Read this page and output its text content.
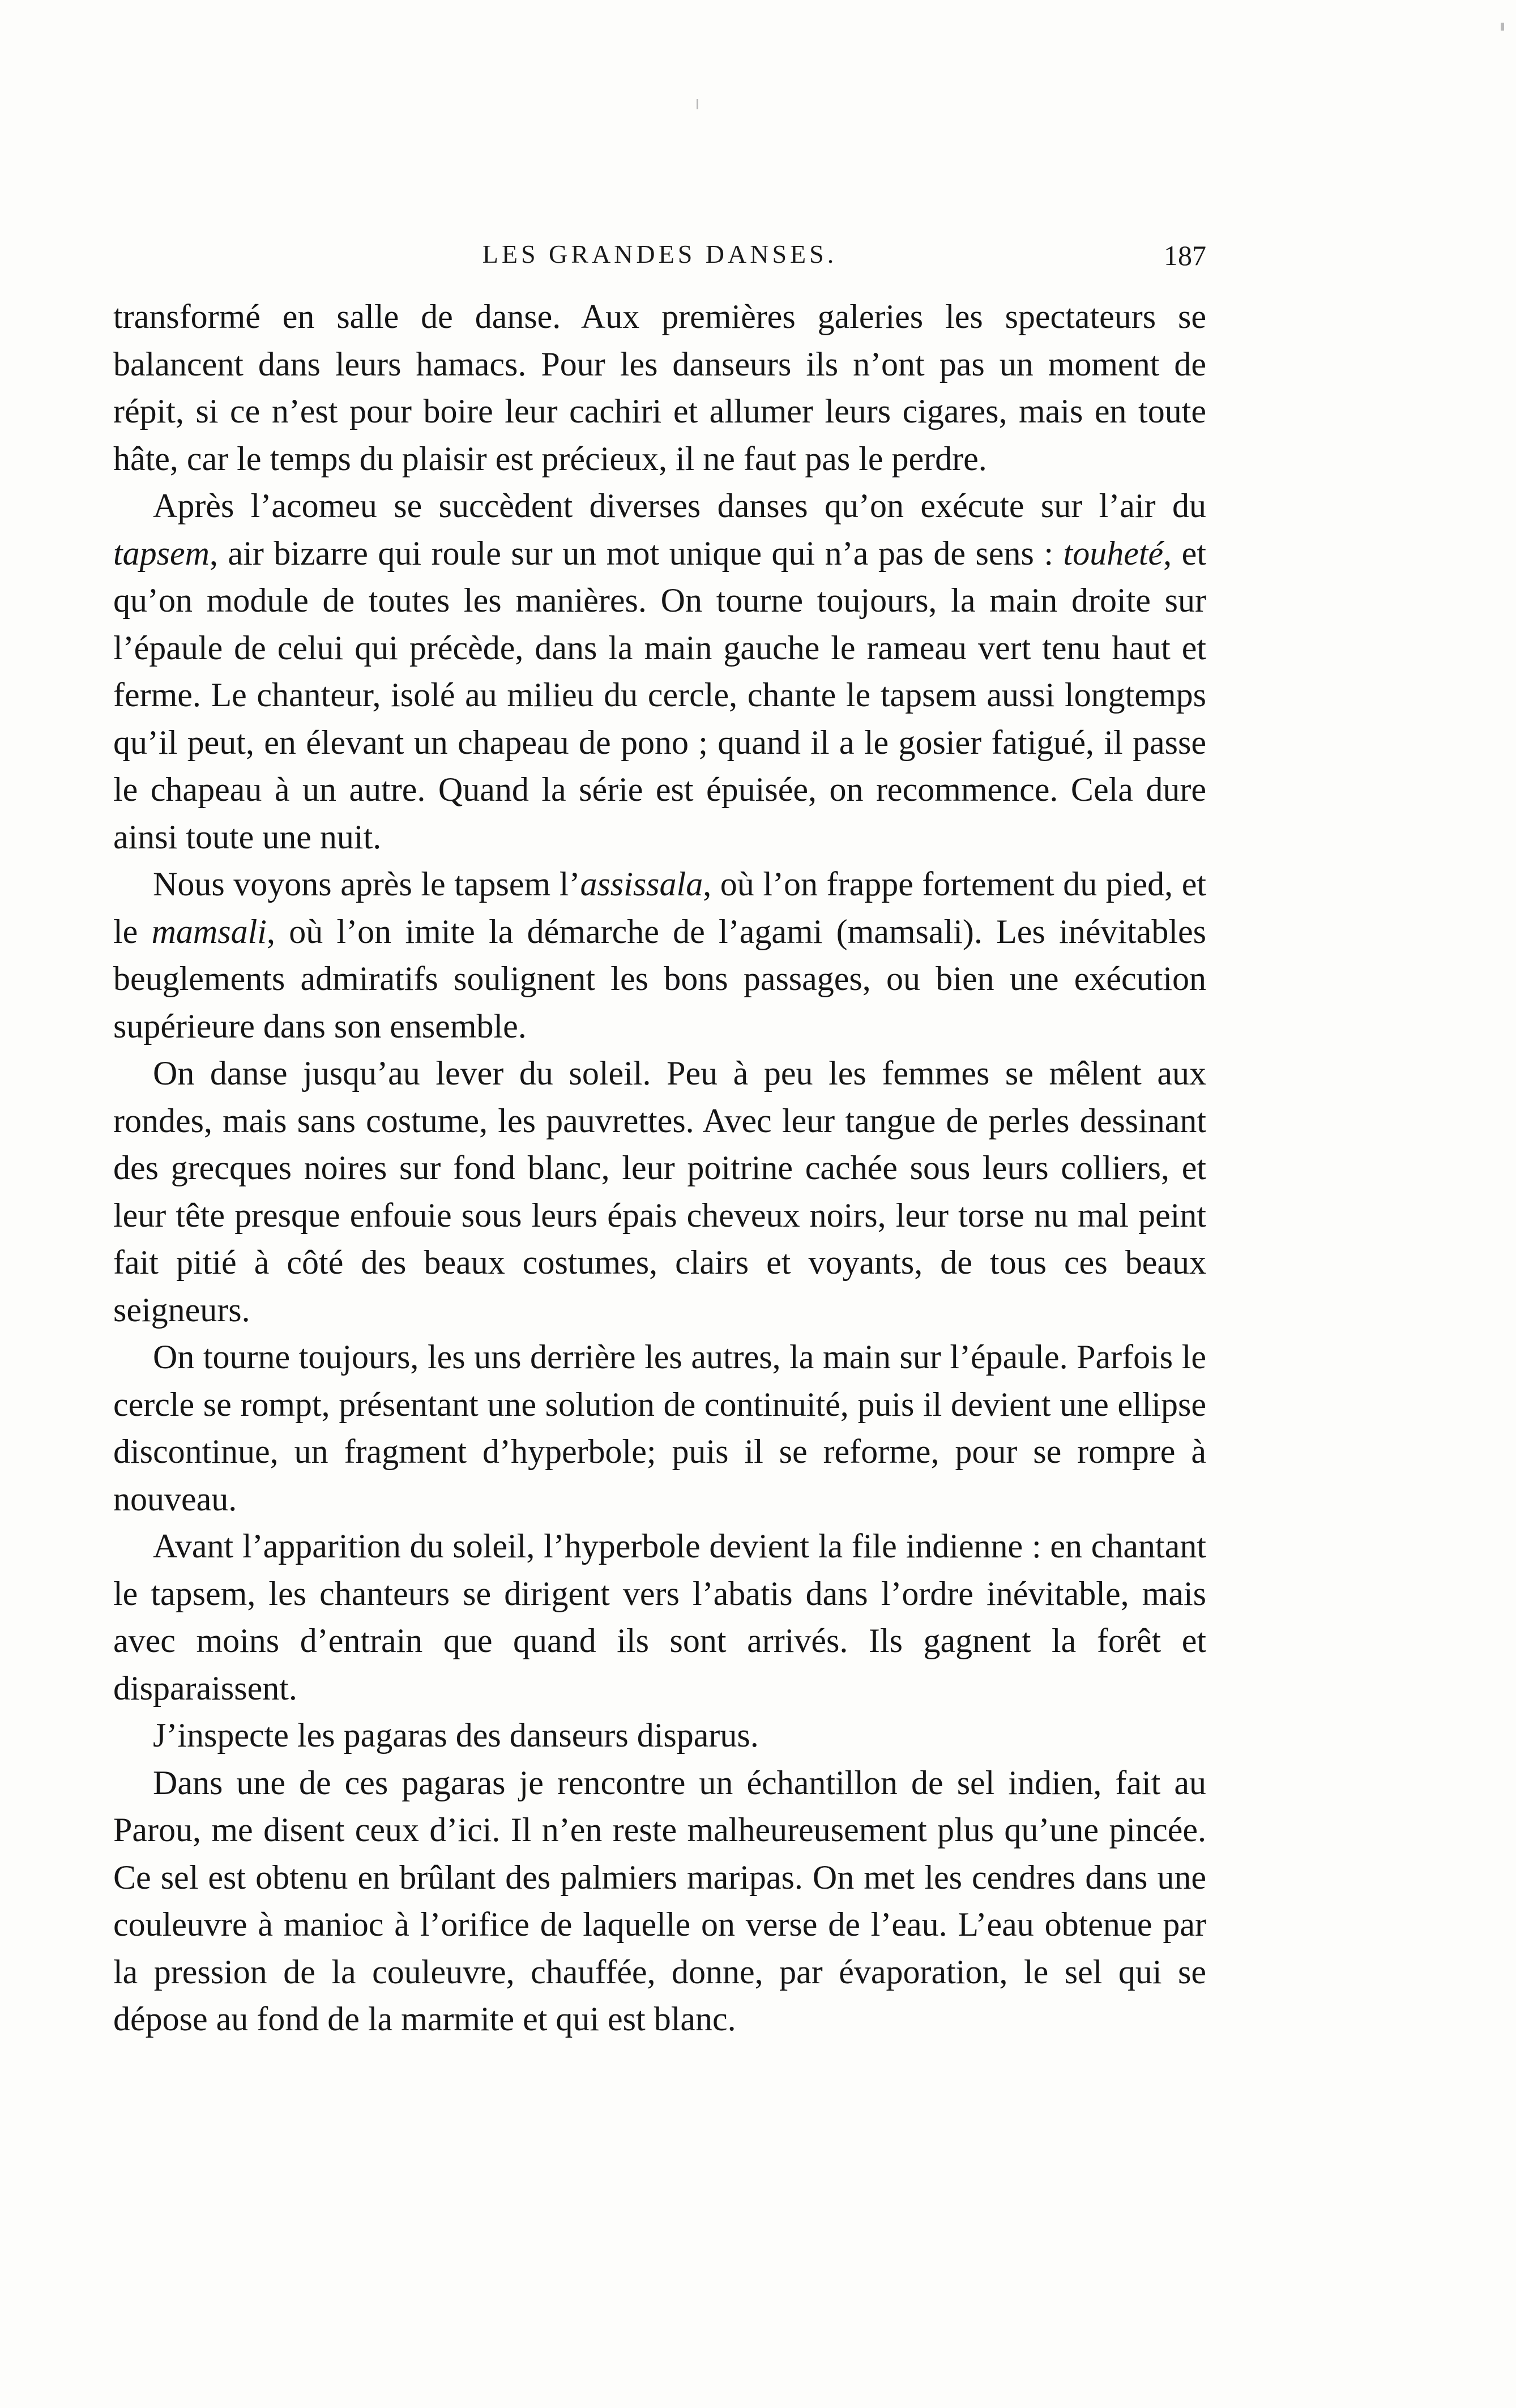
LES GRANDES DANSES.	187

transformé en salle de danse. Aux premières galeries les spectateurs se balancent dans leurs hamacs. Pour les danseurs ils n’ont pas un moment de répit, si ce n’est pour boire leur cachiri et allumer leurs cigares, mais en toute hâte, car le temps du plaisir est précieux, il ne faut pas le perdre.

Après l’acomeu se succèdent diverses danses qu’on exécute sur l’air du tapsem, air bizarre qui roule sur un mot unique qui n’a pas de sens : touheté, et qu’on module de toutes les manières. On tourne toujours, la main droite sur l’épaule de celui qui précède, dans la main gauche le rameau vert tenu haut et ferme. Le chanteur, isolé au milieu du cercle, chante le tapsem aussi longtemps qu’il peut, en élevant un chapeau de pono ; quand il a le gosier fatigué, il passe le chapeau à un autre. Quand la série est épuisée, on recommence. Cela dure ainsi toute une nuit.

Nous voyons après le tapsem l’assissala, où l’on frappe fortement du pied, et le mamsali, où l’on imite la démarche de l’agami (mamsali). Les inévitables beuglements admiratifs soulignent les bons passages, ou bien une exécution supérieure dans son ensemble.

On danse jusqu’au lever du soleil. Peu à peu les femmes se mêlent aux rondes, mais sans costume, les pauvrettes. Avec leur tangue de perles dessinant des grecques noires sur fond blanc, leur poitrine cachée sous leurs colliers, et leur tête presque enfouie sous leurs épais cheveux noirs, leur torse nu mal peint fait pitié à côté des beaux costumes, clairs et voyants, de tous ces beaux seigneurs.

On tourne toujours, les uns derrière les autres, la main sur l’épaule. Parfois le cercle se rompt, présentant une solution de continuité, puis il devient une ellipse discontinue, un fragment d’hyperbole; puis il se reforme, pour se rompre à nouveau.

Avant l’apparition du soleil, l’hyperbole devient la file indienne : en chantant le tapsem, les chanteurs se dirigent vers l’abatis dans l’ordre inévitable, mais avec moins d’entrain que quand ils sont arrivés. Ils gagnent la forêt et disparaissent.

J’inspecte les pagaras des danseurs disparus.

Dans une de ces pagaras je rencontre un échantillon de sel indien, fait au Parou, me disent ceux d’ici. Il n’en reste malheureusement plus qu’une pincée. Ce sel est obtenu en brûlant des palmiers maripas. On met les cendres dans une couleuvre à manioc à l’orifice de laquelle on verse de l’eau. L’eau obtenue par la pression de la couleuvre, chauffée, donne, par évaporation, le sel qui se dépose au fond de la marmite et qui est blanc.
